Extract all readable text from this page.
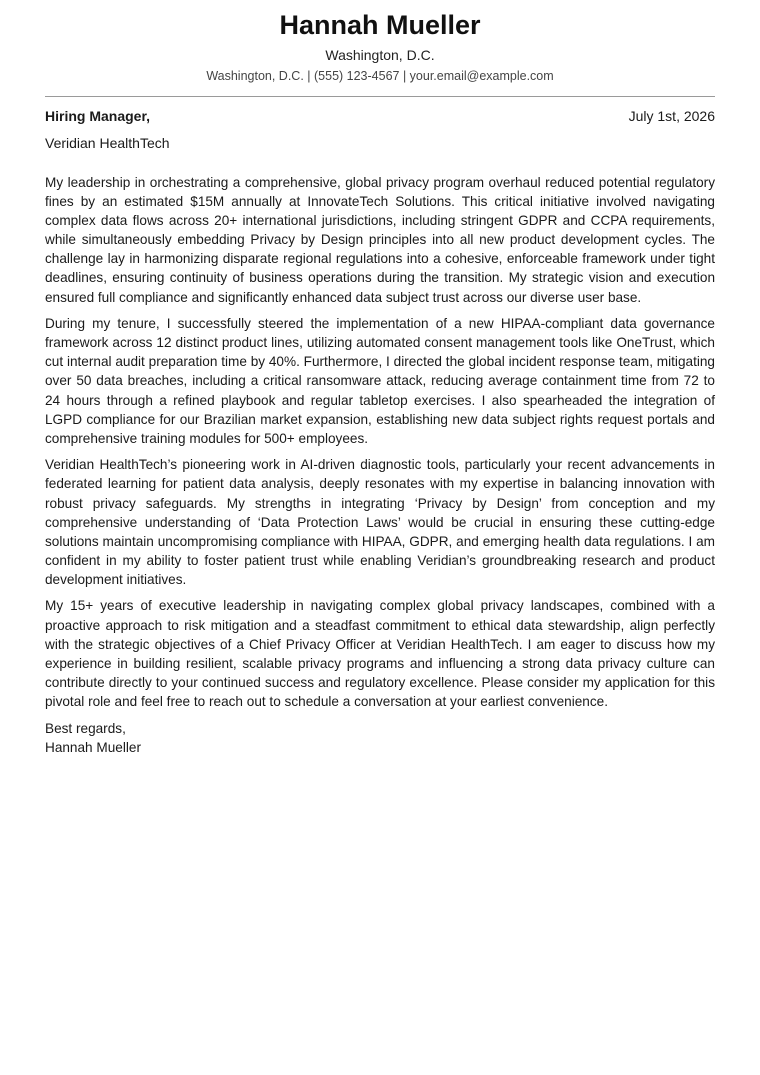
Hannah Mueller
Washington, D.C.
Washington, D.C. | (555) 123-4567 | your.email@example.com
Hiring Manager,	July 1st, 2026
Veridian HealthTech

My leadership in orchestrating a comprehensive, global privacy program overhaul reduced potential regulatory fines by an estimated $15M annually at InnovateTech Solutions. This critical initiative involved navigating complex data flows across 20+ international jurisdictions, including stringent GDPR and CCPA requirements, while simultaneously embedding Privacy by Design principles into all new product development cycles. The challenge lay in harmonizing disparate regional regulations into a cohesive, enforceable framework under tight deadlines, ensuring continuity of business operations during the transition. My strategic vision and execution ensured full compliance and significantly enhanced data subject trust across our diverse user base.

During my tenure, I successfully steered the implementation of a new HIPAA-compliant data governance framework across 12 distinct product lines, utilizing automated consent management tools like OneTrust, which cut internal audit preparation time by 40%. Furthermore, I directed the global incident response team, mitigating over 50 data breaches, including a critical ransomware attack, reducing average containment time from 72 to 24 hours through a refined playbook and regular tabletop exercises. I also spearheaded the integration of LGPD compliance for our Brazilian market expansion, establishing new data subject rights request portals and comprehensive training modules for 500+ employees.

Veridian HealthTech’s pioneering work in AI-driven diagnostic tools, particularly your recent advancements in federated learning for patient data analysis, deeply resonates with my expertise in balancing innovation with robust privacy safeguards. My strengths in integrating ‘Privacy by Design’ from conception and my comprehensive understanding of ‘Data Protection Laws’ would be crucial in ensuring these cutting-edge solutions maintain uncompromising compliance with HIPAA, GDPR, and emerging health data regulations. I am confident in my ability to foster patient trust while enabling Veridian’s groundbreaking research and product development initiatives.

My 15+ years of executive leadership in navigating complex global privacy landscapes, combined with a proactive approach to risk mitigation and a steadfast commitment to ethical data stewardship, align perfectly with the strategic objectives of a Chief Privacy Officer at Veridian HealthTech. I am eager to discuss how my experience in building resilient, scalable privacy programs and influencing a strong data privacy culture can contribute directly to your continued success and regulatory excellence. Please consider my application for this pivotal role and feel free to reach out to schedule a conversation at your earliest convenience.

Best regards,
Hannah Mueller
